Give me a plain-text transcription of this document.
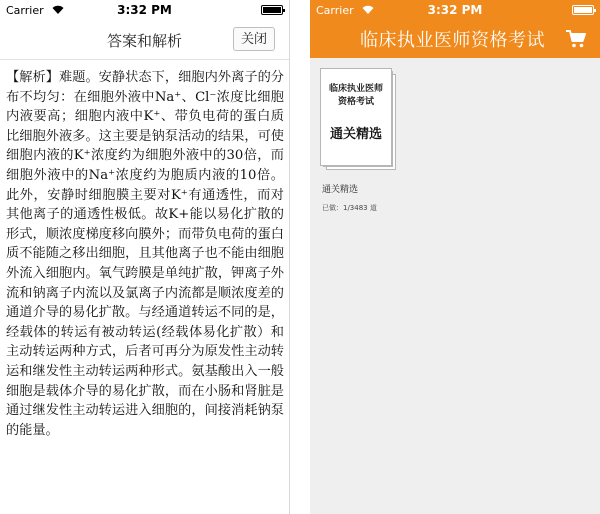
Carrier	3:32 PM
答案和解析	关闭
【解析】难题。安静状态下，细胞内外离子的分布不均匀：在细胞外液中Na⁺、Cl⁻浓度比细胞内液要高；细胞内液中K⁺、带负电荷的蛋白质比细胞外液多。这主要是钠泵活动的结果，可使细胞内液的K⁺浓度约为细胞外液中的30倍，而细胞外液中的Na⁺浓度约为胞质内液的10倍。此外，安静时细胞膜主要对K⁺有通透性，而对其他离子的通透性极低。故K+能以易化扩散的形式，顺浓度梯度移向膜外；而带负电荷的蛋白质不能随之移出细胞，且其他离子也不能由细胞外流入细胞内。氧气跨膜是单纯扩散，钾离子外流和钠离子内流以及氯离子内流都是顺浓度差的通道介导的易化扩散。与经通道转运不同的是，经载体的转运有被动转运(经载体易化扩散）和主动转运两种方式，后者可再分为原发性主动转运和继发性主动转运两种形式。氨基酸出入一般细胞是载体介导的易化扩散，而在小肠和肾脏是通过继发性主动转运进入细胞的，间接消耗钠泵的能量。
Carrier	3:32 PM
临床执业医师资格考试
临床执业医师资格考试
通关精选
通关精选
已做：1/3483 道
